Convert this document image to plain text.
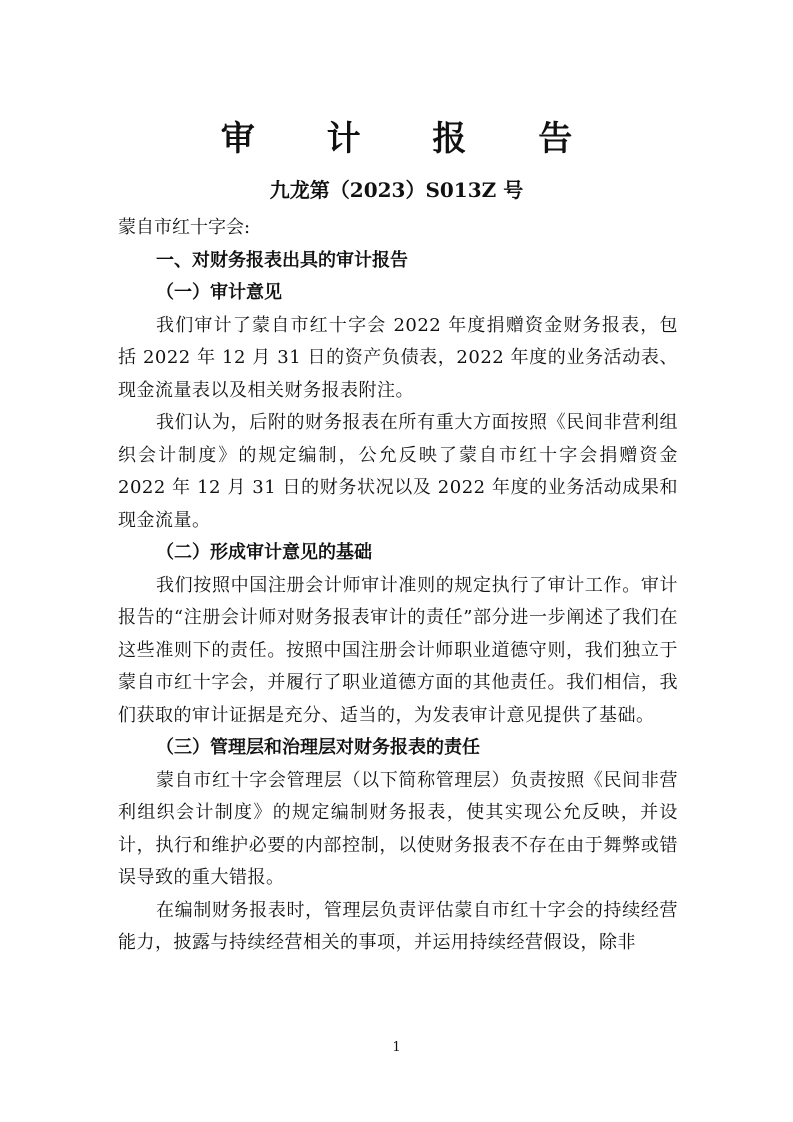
审 计 报 告
九龙第（2023）S013Z 号

蒙自市红十字会:

一、对财务报表出具的审计报告

（一）审计意见

我们审计了蒙自市红十字会 2022 年度捐赠资金财务报表，包括 2022 年 12 月 31 日的资产负债表，2022 年度的业务活动表、现金流量表以及相关财务报表附注。

我们认为，后附的财务报表在所有重大方面按照《民间非营利组织会计制度》的规定编制，公允反映了蒙自市红十字会捐赠资金 2022 年 12 月 31 日的财务状况以及 2022 年度的业务活动成果和现金流量。

（二）形成审计意见的基础

我们按照中国注册会计师审计准则的规定执行了审计工作。审计报告的“注册会计师对财务报表审计的责任”部分进一步阐述了我们在这些准则下的责任。按照中国注册会计师职业道德守则，我们独立于蒙自市红十字会，并履行了职业道德方面的其他责任。我们相信，我们获取的审计证据是充分、适当的，为发表审计意见提供了基础。

（三）管理层和治理层对财务报表的责任

蒙自市红十字会管理层（以下简称管理层）负责按照《民间非营利组织会计制度》的规定编制财务报表，使其实现公允反映，并设计，执行和维护必要的内部控制，以使财务报表不存在由于舞弊或错误导致的重大错报。

在编制财务报表时，管理层负责评估蒙自市红十字会的持续经营能力，披露与持续经营相关的事项，并运用持续经营假设，除非

1
